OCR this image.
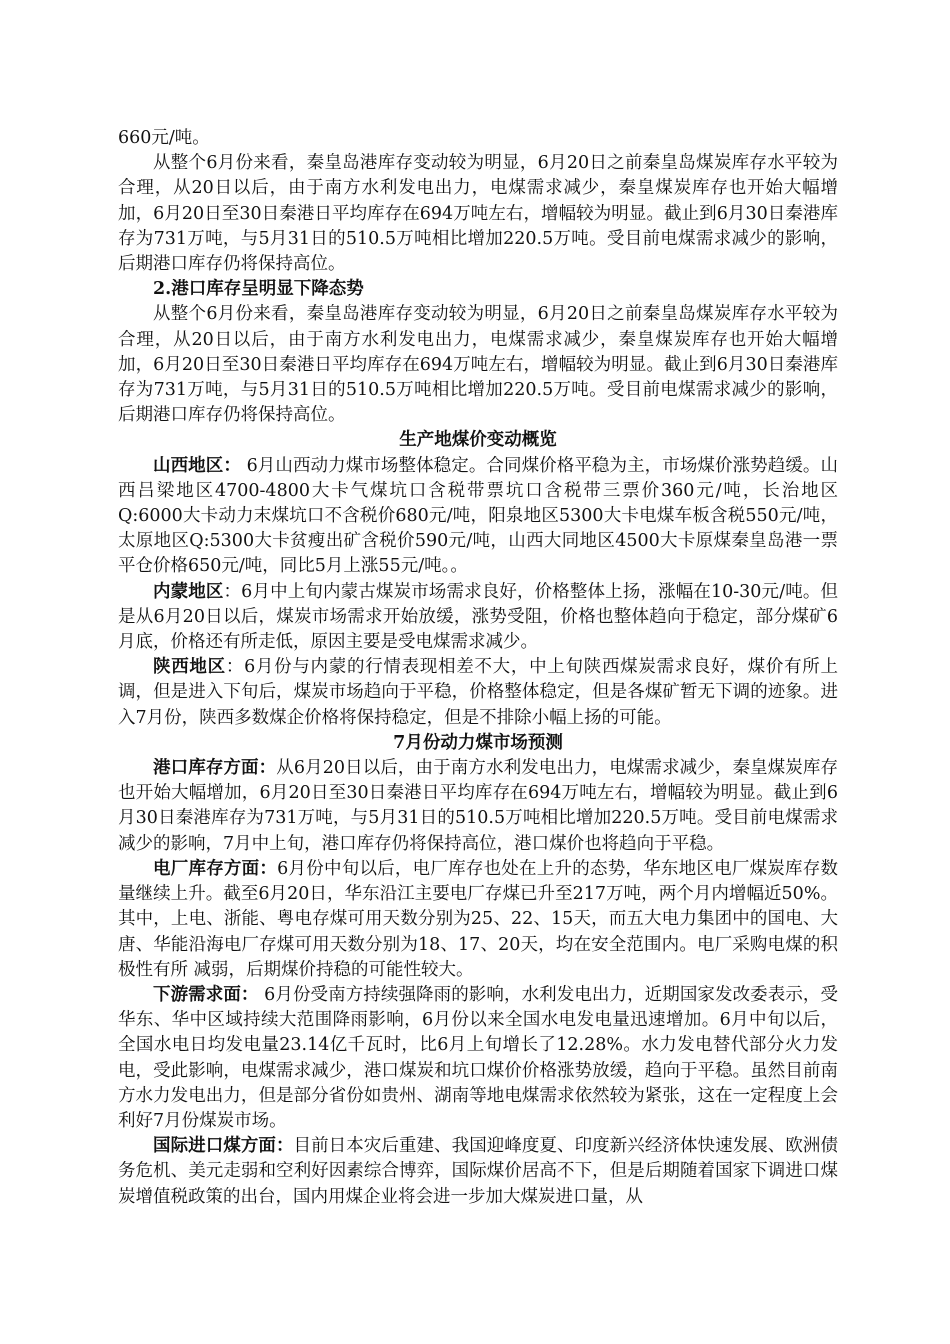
660元/吨。

从整个6月份来看，秦皇岛港库存变动较为明显，6月20日之前秦皇岛煤炭库存水平较为合理，从20日以后，由于南方水利发电出力，电煤需求减少，秦皇煤炭库存也开始大幅增加，6月20日至30日秦港日平均库存在694万吨左右，增幅较为明显。截止到6月30日秦港库存为731万吨，与5月31日的510.5万吨相比增加220.5万吨。受目前电煤需求减少的影响，后期港口库存仍将保持高位。

2.港口库存呈明显下降态势

从整个6月份来看，秦皇岛港库存变动较为明显，6月20日之前秦皇岛煤炭库存水平较为合理，从20日以后，由于南方水利发电出力，电煤需求减少，秦皇煤炭库存也开始大幅增加，6月20日至30日秦港日平均库存在694万吨左右，增幅较为明显。截止到6月30日秦港库存为731万吨，与5月31日的510.5万吨相比增加220.5万吨。受目前电煤需求减少的影响，后期港口库存仍将保持高位。

生产地煤价变动概览

山西地区： 6月山西动力煤市场整体稳定。合同煤价格平稳为主，市场煤价涨势趋缓。山西吕梁地区4700-4800大卡气煤坑口含税带票坑口含税带三票价360元/吨，长治地区Q:6000大卡动力末煤坑口不含税价680元/吨，阳泉地区5300大卡电煤车板含税550元/吨，太原地区Q:5300大卡贫瘦出矿含税价590元/吨，山西大同地区4500大卡原煤秦皇岛港一票平仓价格650元/吨，同比5月上涨55元/吨。。

内蒙地区：6月中上旬内蒙古煤炭市场需求良好，价格整体上扬，涨幅在10-30元/吨。但是从6月20日以后，煤炭市场需求开始放缓，涨势受阻，价格也整体趋向于稳定，部分煤矿6月底，价格还有所走低，原因主要是受电煤需求减少。

陕西地区：6月份与内蒙的行情表现相差不大，中上旬陕西煤炭需求良好，煤价有所上调，但是进入下旬后，煤炭市场趋向于平稳，价格整体稳定，但是各煤矿暂无下调的迹象。进入7月份，陕西多数煤企价格将保持稳定，但是不排除小幅上扬的可能。

7月份动力煤市场预测

港口库存方面：从6月20日以后，由于南方水利发电出力，电煤需求减少，秦皇煤炭库存也开始大幅增加，6月20日至30日秦港日平均库存在694万吨左右，增幅较为明显。截止到6月30日秦港库存为731万吨，与5月31日的510.5万吨相比增加220.5万吨。受目前电煤需求减少的影响，7月中上旬，港口库存仍将保持高位，港口煤价也将趋向于平稳。

电厂库存方面：6月份中旬以后，电厂库存也处在上升的态势，华东地区电厂煤炭库存数量继续上升。截至6月20日，华东沿江主要电厂存煤已升至217万吨，两个月内增幅近50%。其中，上电、浙能、粤电存煤可用天数分别为25、22、15天，而五大电力集团中的国电、大唐、华能沿海电厂存煤可用天数分别为18、17、20天，均在安全范围内。电厂采购电煤的积极性有所 减弱，后期煤价持稳的可能性较大。

下游需求面： 6月份受南方持续强降雨的影响，水利发电出力，近期国家发改委表示，受华东、华中区域持续大范围降雨影响，6月份以来全国水电发电量迅速增加。6月中旬以后，全国水电日均发电量23.14亿千瓦时，比6月上旬增长了12.28%。水力发电替代部分火力发电，受此影响，电煤需求减少，港口煤炭和坑口煤价价格涨势放缓，趋向于平稳。虽然目前南方水力发电出力，但是部分省份如贵州、湖南等地电煤需求依然较为紧张，这在一定程度上会利好7月份煤炭市场。

国际进口煤方面：目前日本灾后重建、我国迎峰度夏、印度新兴经济体快速发展、欧洲债务危机、美元走弱和空利好因素综合博弈，国际煤价居高不下，但是后期随着国家下调进口煤炭增值税政策的出台，国内用煤企业将会进一步加大煤炭进口量，从
